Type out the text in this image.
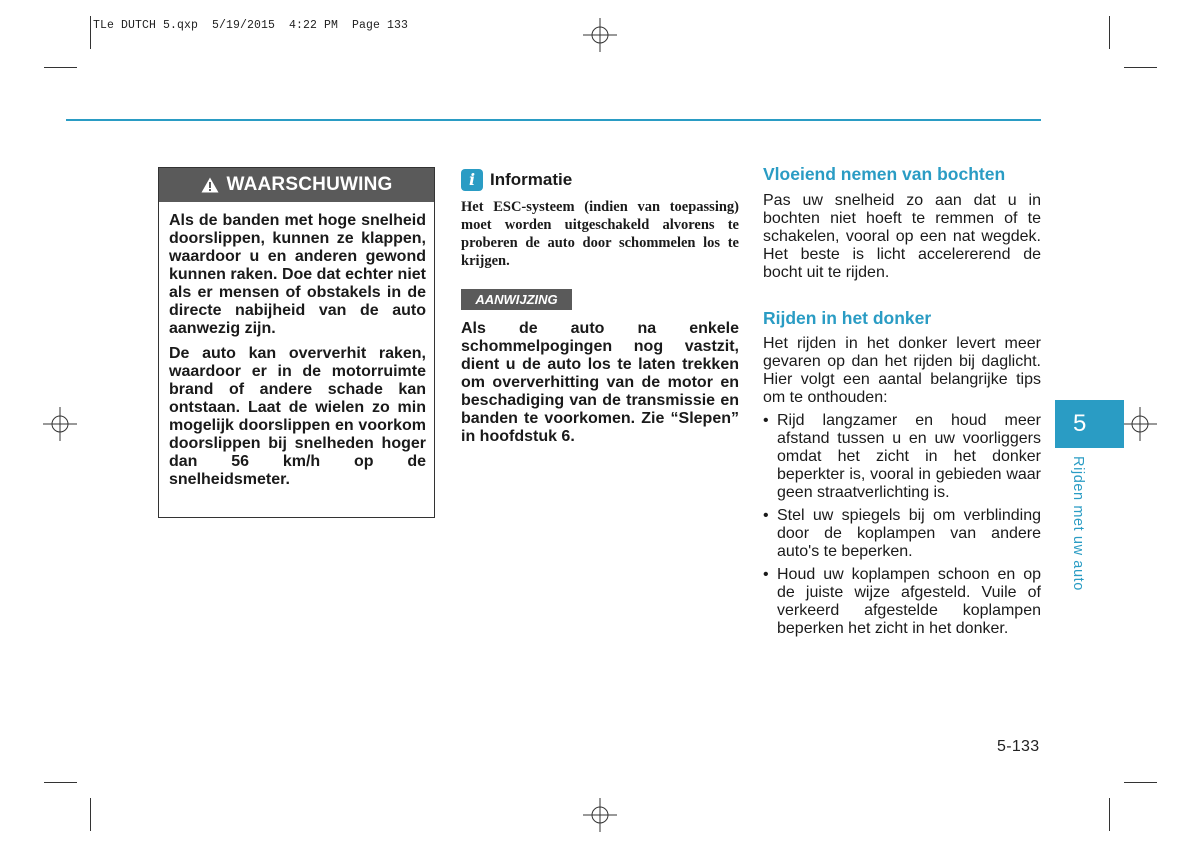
TLe DUTCH 5.qxp  5/19/2015  4:22 PM  Page 133
WAARSCHUWING

Als de banden met hoge snelheid doorslippen, kunnen ze klappen, waardoor u en anderen gewond kunnen raken. Doe dat echter niet als er mensen of obstakels in de directe nabijheid van de auto aanwezig zijn.

De auto kan oververhit raken, waardoor er in de motorruimte brand of andere schade kan ontstaan. Laat de wielen zo min mogelijk doorslippen en voorkom doorslippen bij snelheden hoger dan 56 km/h op de snelheidsmeter.

i Informatie
Het ESC-systeem (indien van toepassing) moet worden uitgeschakeld alvorens te proberen de auto door schommelen los te krijgen.
AANWIJZING
Als de auto na enkele schommelpogingen nog vastzit, dient u de auto los te laten trekken om oververhitting van de motor en beschadiging van de transmissie en banden te voorkomen. Zie “Slepen” in hoofdstuk 6.
Vloeiend nemen van bochten
Pas uw snelheid zo aan dat u in bochten niet hoeft te remmen of te schakelen, vooral op een nat wegdek. Het beste is licht accelererend de bocht uit te rijden.
Rijden in het donker
Het rijden in het donker levert meer gevaren op dan het rijden bij daglicht. Hier volgt een aantal belangrijke tips om te onthouden:
• Rijd langzamer en houd meer afstand tussen u en uw voorliggers omdat het zicht in het donker beperkter is, vooral in gebieden waar geen straatverlichting is.
• Stel uw spiegels bij om verblinding door de koplampen van andere auto's te beperken.
• Houd uw koplampen schoon en op de juiste wijze afgesteld. Vuile of verkeerd afgestelde koplampen beperken het zicht in het donker.
5
Rijden met uw auto
5-133
